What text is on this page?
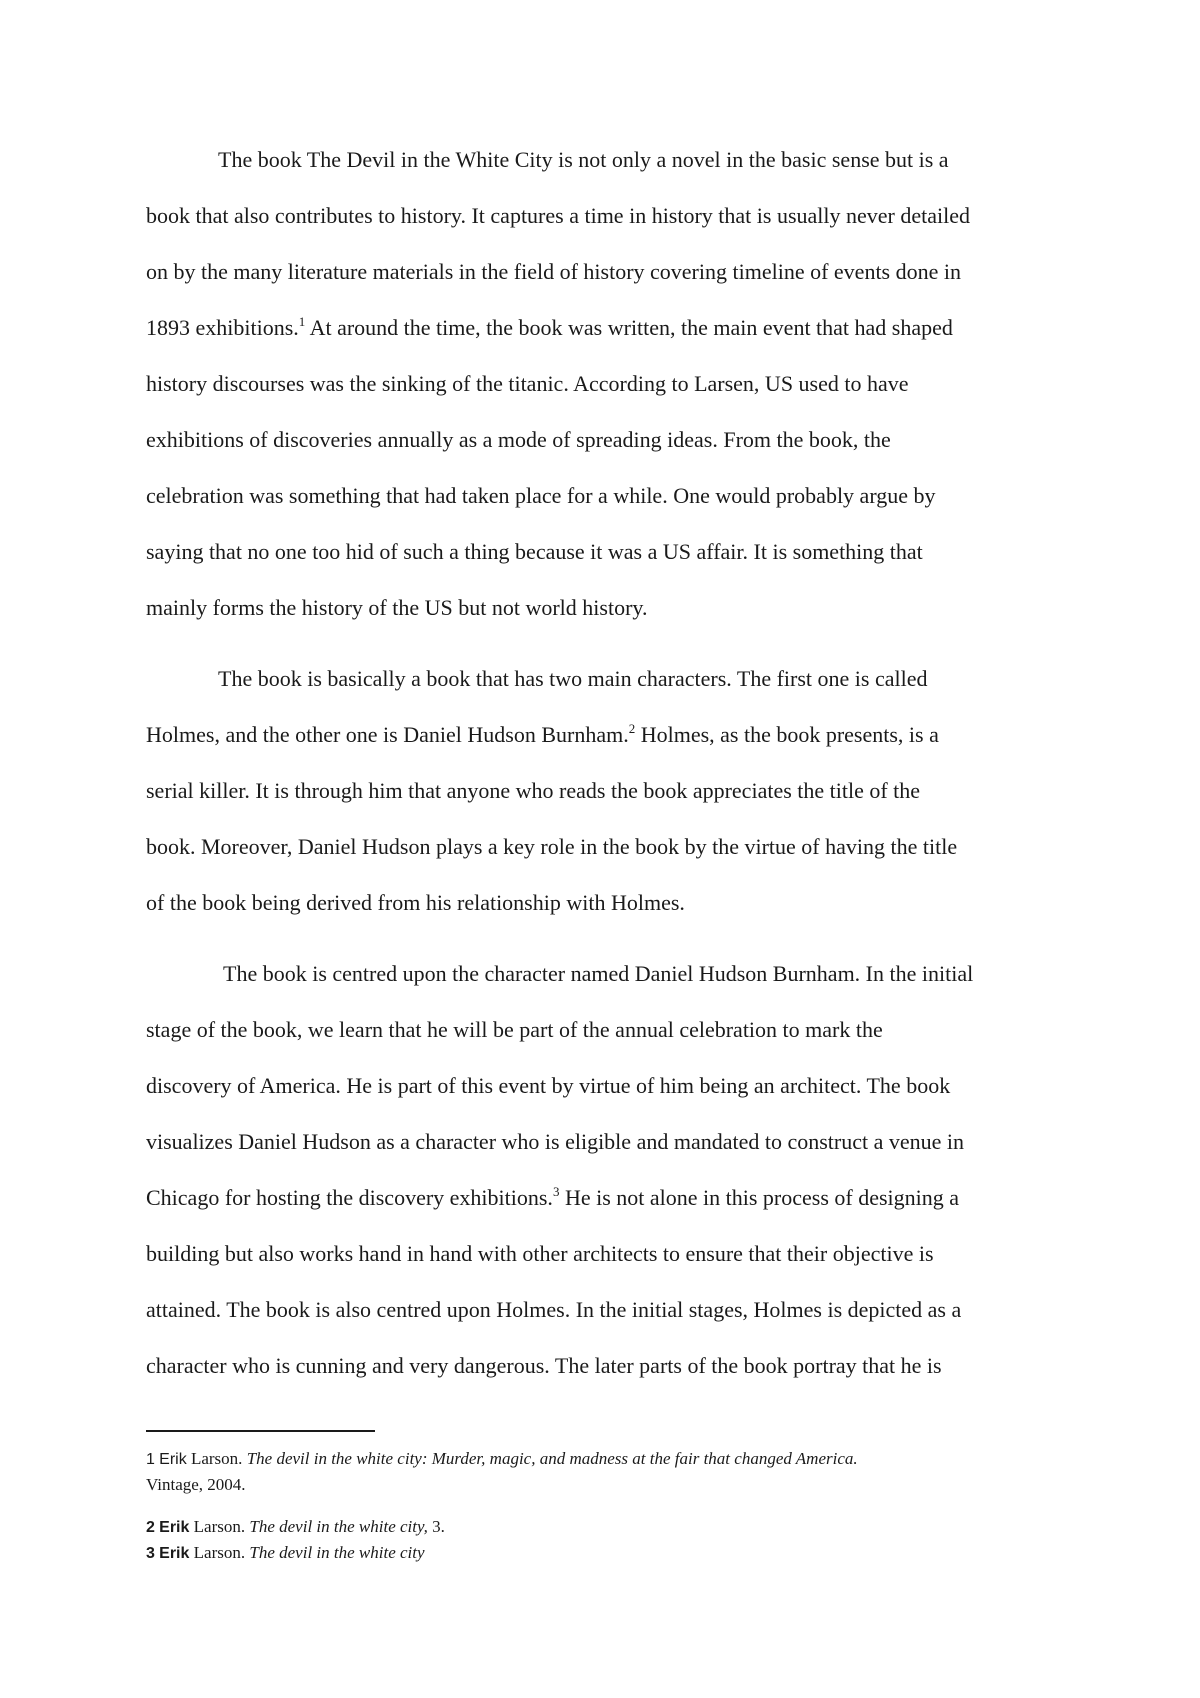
The book The Devil in the White City is not only a novel in the basic sense but is a
book that also contributes to history. It captures a time in history that is usually never detailed
on by the many literature materials in the field of history covering timeline of events done in
1893 exhibitions.$^1$ At around the time, the book was written, the main event that had shaped
history discourses was the sinking of the titanic. According to Larsen, US used to have
exhibitions of discoveries annually as a mode of spreading ideas. From the book, the
celebration was something that had taken place for a while. One would probably argue by
saying that no one too hid of such a thing because it was a US affair. It is something that
mainly forms the history of the US but not world history.
The book is basically a book that has two main characters. The first one is called
Holmes, and the other one is Daniel Hudson Burnham.$^2$ Holmes, as the book presents, is a
serial killer. It is through him that anyone who reads the book appreciates the title of the
book. Moreover, Daniel Hudson plays a key role in the book by the virtue of having the title
of the book being derived from his relationship with Holmes.
The book is centred upon the character named Daniel Hudson Burnham. In the initial
stage of the book, we learn that he will be part of the annual celebration to mark the
discovery of America. He is part of this event by virtue of him being an architect. The book
visualizes Daniel Hudson as a character who is eligible and mandated to construct a venue in
Chicago for hosting the discovery exhibitions.$^3$ He is not alone in this process of designing a
building but also works hand in hand with other architects to ensure that their objective is
attained. The book is also centred upon Holmes. In the initial stages, Holmes is depicted as a
character who is cunning and very dangerous. The later parts of the book portray that he is

1 Erik Larson. The devil in the white city: Murder, magic, and madness at the fair that changed America.
Vintage, 2004.

2 Erik Larson. The devil in the white city, 3.

3 Erik Larson. The devil in the white city
